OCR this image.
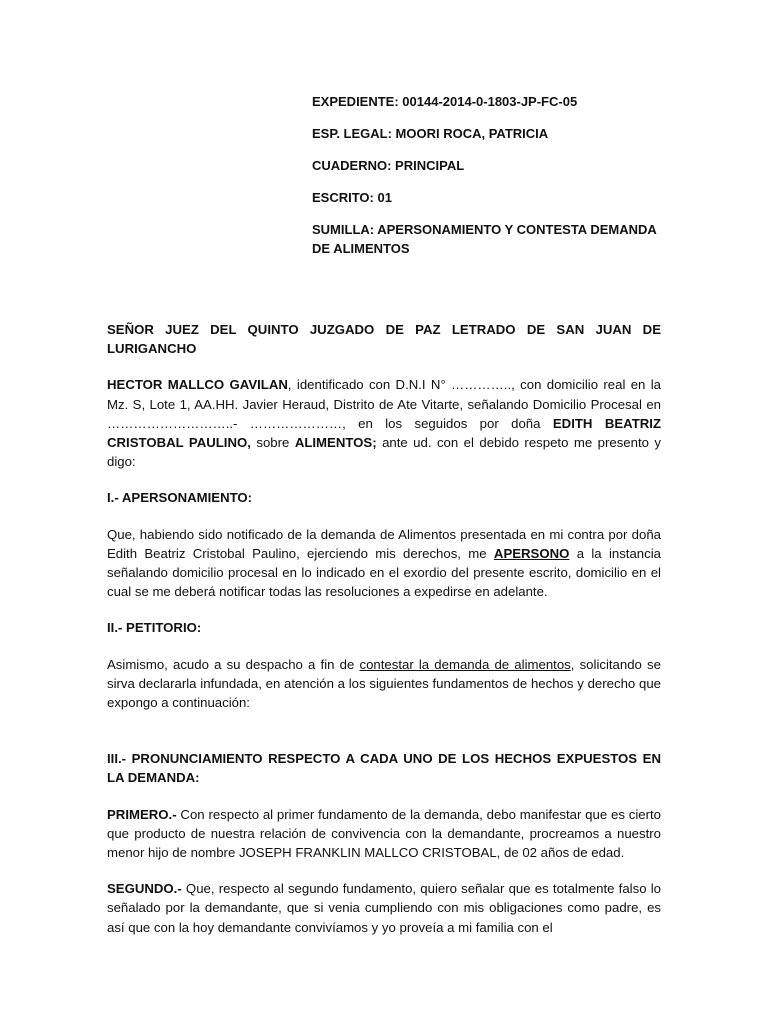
EXPEDIENTE: 00144-2014-0-1803-JP-FC-05

ESP. LEGAL: MOORI ROCA, PATRICIA

CUADERNO: PRINCIPAL

ESCRITO: 01

SUMILLA: APERSONAMIENTO Y CONTESTA DEMANDA DE ALIMENTOS

SEÑOR JUEZ DEL QUINTO JUZGADO DE PAZ LETRADO DE SAN JUAN DE LURIGANCHO

HECTOR MALLCO GAVILAN, identificado con D.N.I N° ………….., con domicilio real en la Mz. S, Lote 1, AA.HH. Javier Heraud, Distrito de Ate Vitarte, señalando Domicilio Procesal en ………………………..- …………………, en los seguidos por doña EDITH BEATRIZ CRISTOBAL PAULINO, sobre ALIMENTOS; ante ud. con el debido respeto me presento y digo:

I.- APERSONAMIENTO:

Que, habiendo sido notificado de la demanda de Alimentos presentada en mi contra por doña Edith Beatriz Cristobal Paulino, ejerciendo mis derechos, me APERSONO a la instancia señalando domicilio procesal en lo indicado en el exordio del presente escrito, domicilio en el cual se me deberá notificar todas las resoluciones a expedirse en adelante.

II.- PETITORIO:

Asimismo, acudo a su despacho a fin de contestar la demanda de alimentos, solicitando se sirva declararla infundada, en atención a los siguientes fundamentos de hechos y derecho que expongo a continuación:

III.- PRONUNCIAMIENTO RESPECTO A CADA UNO DE LOS HECHOS EXPUESTOS EN LA DEMANDA:

PRIMERO.- Con respecto al primer fundamento de la demanda, debo manifestar que es cierto que producto de nuestra relación de convivencia con la demandante, procreamos a nuestro menor hijo de nombre JOSEPH FRANKLIN MALLCO CRISTOBAL, de 02 años de edad.

SEGUNDO.- Que, respecto al segundo fundamento, quiero señalar que es totalmente falso lo señalado por la demandante, que si venia cumpliendo con mis obligaciones como padre, es así que con la hoy demandante convivíamos y yo proveía a mi familia con el
